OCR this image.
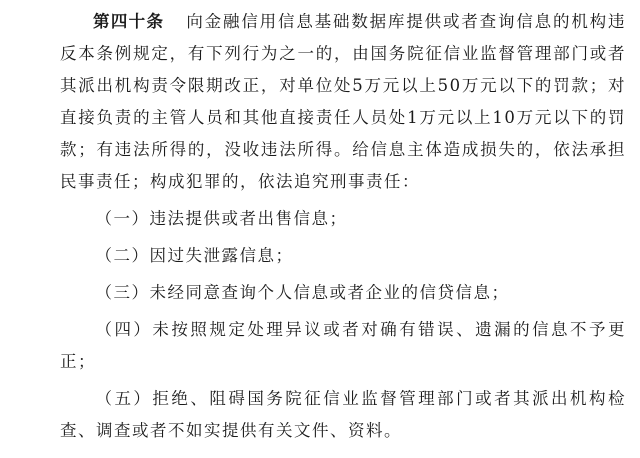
第四十条 向金融信用信息基础数据库提供或者查询信息的机构违反本条例规定，有下列行为之一的，由国务院征信业监督管理部门或者其派出机构责令限期改正，对单位处5万元以上50万元以下的罚款；对直接负责的主管人员和其他直接责任人员处1万元以上10万元以下的罚款；有违法所得的，没收违法所得。给信息主体造成损失的，依法承担民事责任；构成犯罪的，依法追究刑事责任：

（一）违法提供或者出售信息；

（二）因过失泄露信息；

（三）未经同意查询个人信息或者企业的信贷信息；

（四）未按照规定处理异议或者对确有错误、遗漏的信息不予更正；

（五）拒绝、阻碍国务院征信业监督管理部门或者其派出机构检查、调查或者不如实提供有关文件、资料。
